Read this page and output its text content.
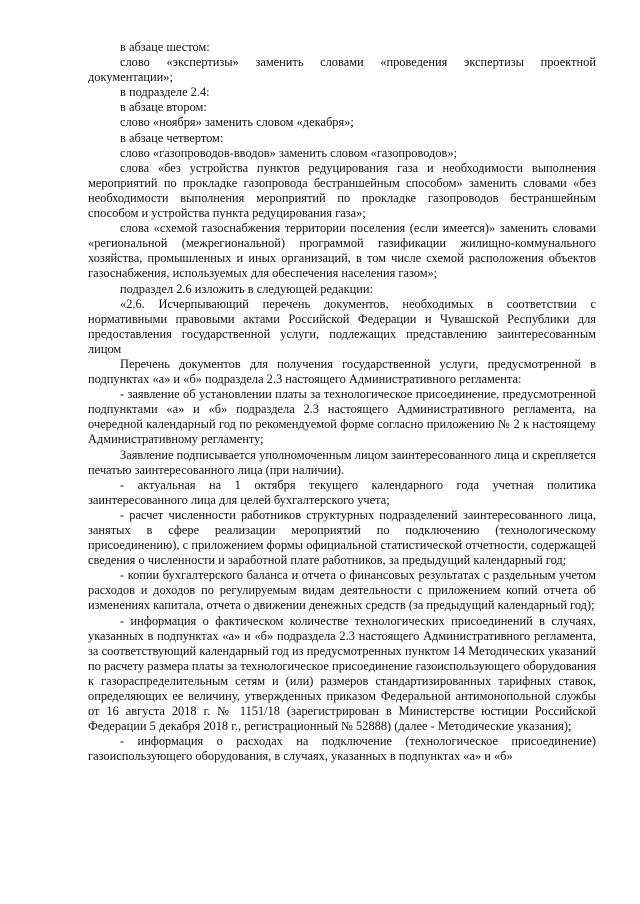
в абзаце шестом:

слово «экспертизы» заменить словами «проведения экспертизы проектной документации»;

в подразделе 2.4:

в абзаце втором:

слово «ноября» заменить словом «декабря»;

в абзаце четвертом:

слово «газопроводов-вводов» заменить словом «газопроводов»;

слова «без устройства пунктов редуцирования газа и необходимости выполнения мероприятий по прокладке газопровода бестраншейным способом» заменить словами «без необходимости выполнения мероприятий по прокладке газопроводов бестраншейным способом и устройства пункта редуцирования газа»;

слова «схемой газоснабжения территории поселения (если имеется)» заменить словами «региональной (межрегиональной) программой газификации жилищно-коммунального хозяйства, промышленных и иных организаций, в том числе схемой расположения объектов газоснабжения, используемых для обеспечения населения газом»;

подраздел 2.6 изложить в следующей редакции:

«2.6. Исчерпывающий перечень документов, необходимых в соответствии с нормативными правовыми актами Российской Федерации и Чувашской Республики для предоставления государственной услуги, подлежащих представлению заинтересованным лицом

Перечень документов для получения государственной услуги, предусмотренной в подпунктах «а» и «б» подраздела 2.3 настоящего Административного регламента:

- заявление об установлении платы за технологическое присоединение, предусмотренной подпунктами «а» и «б» подраздела 2.3 настоящего Административного регламента, на очередной календарный год по рекомендуемой форме согласно приложению № 2 к настоящему Административному регламенту;

Заявление подписывается уполномоченным лицом заинтересованного лица и скрепляется печатью заинтересованного лица (при наличии).

- актуальная на 1 октября текущего календарного года учетная политика заинтересованного лица для целей бухгалтерского учета;

- расчет численности работников структурных подразделений заинтересованного лица, занятых в сфере реализации мероприятий по подключению (технологическому присоединению), с приложением формы официальной статистической отчетности, содержащей сведения о численности и заработной плате работников, за предыдущий календарный год;

- копии бухгалтерского баланса и отчета о финансовых результатах с раздельным учетом расходов и доходов по регулируемым видам деятельности с приложением копий отчета об изменениях капитала, отчета о движении денежных средств (за предыдущий календарный год);

- информация о фактическом количестве технологических присоединений в случаях, указанных в подпунктах «а» и «б» подраздела 2.3 настоящего Административного регламента, за соответствующий календарный год из предусмотренных пунктом 14 Методических указаний по расчету размера платы за технологическое присоединение газоиспользующего оборудования к газораспределительным сетям и (или) размеров стандартизированных тарифных ставок, определяющих ее величину, утвержденных приказом Федеральной антимонопольной службы от 16 августа 2018 г. № 1151/18 (зарегистрирован в Министерстве юстиции Российской Федерации 5 декабря 2018 г., регистрационный № 52888) (далее - Методические указания);

- информация о расходах на подключение (технологическое присоединение) газоиспользующего оборудования, в случаях, указанных в подпунктах «а» и «б»
